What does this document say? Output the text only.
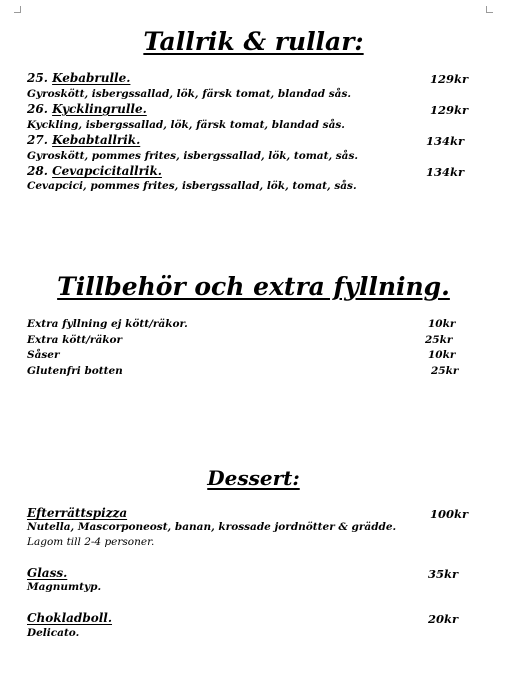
Tallrik & rullar:
25. Kebabrulle.	129kr
Gyroskött, isbergssallad, lök, färsk tomat, blandad sås.
26. Kycklingrulle.	129kr
Kyckling, isbergssallad, lök, färsk tomat, blandad sås.
27. Kebabtallrik.	134kr
Gyroskött, pommes frites, isbergssallad, lök, tomat, sås.
28. Cevapcicitallrik.	134kr
Cevapcici, pommes frites, isbergssallad, lök, tomat, sås.
Tillbehör och extra fyllning.
Extra fyllning ej kött/räkor.	10kr
Extra kött/räkor	25kr
Såser	10kr
Glutenfri botten	25kr
Dessert:
Efterrättspizza	100kr
Nutella, Mascorponeost, banan, krossade jordnötter & grädde.
Lagom till 2-4 personer.
Glass.	35kr
Magnumtyp.
Chokladboll.	20kr
Delicato.
